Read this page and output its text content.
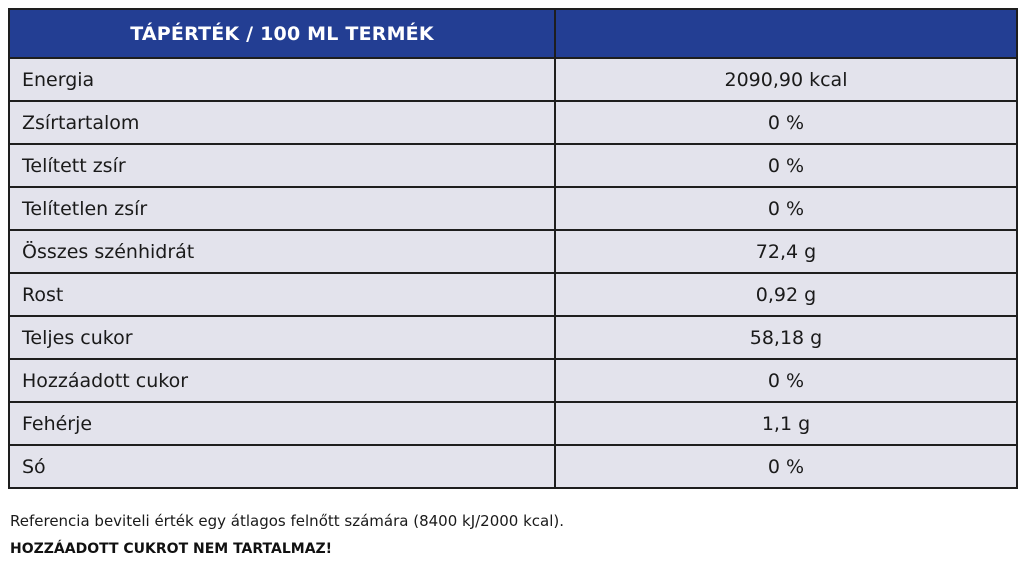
TÁPÉRTÉK / 100 ML TERMÉK	
Energia	2090,90 kcal
Zsírtartalom	0 %
Telített zsír	0 %
Telítetlen zsír	0 %
Összes szénhidrát	72,4 g
Rost	0,92 g
Teljes cukor	58,18 g
Hozzáadott cukor	0 %
Fehérje	1,1 g
Só	0 %
Referencia beviteli érték egy átlagos felnőtt számára (8400 kJ/2000 kcal).
HOZZÁADOTT CUKROT NEM TARTALMAZ!
